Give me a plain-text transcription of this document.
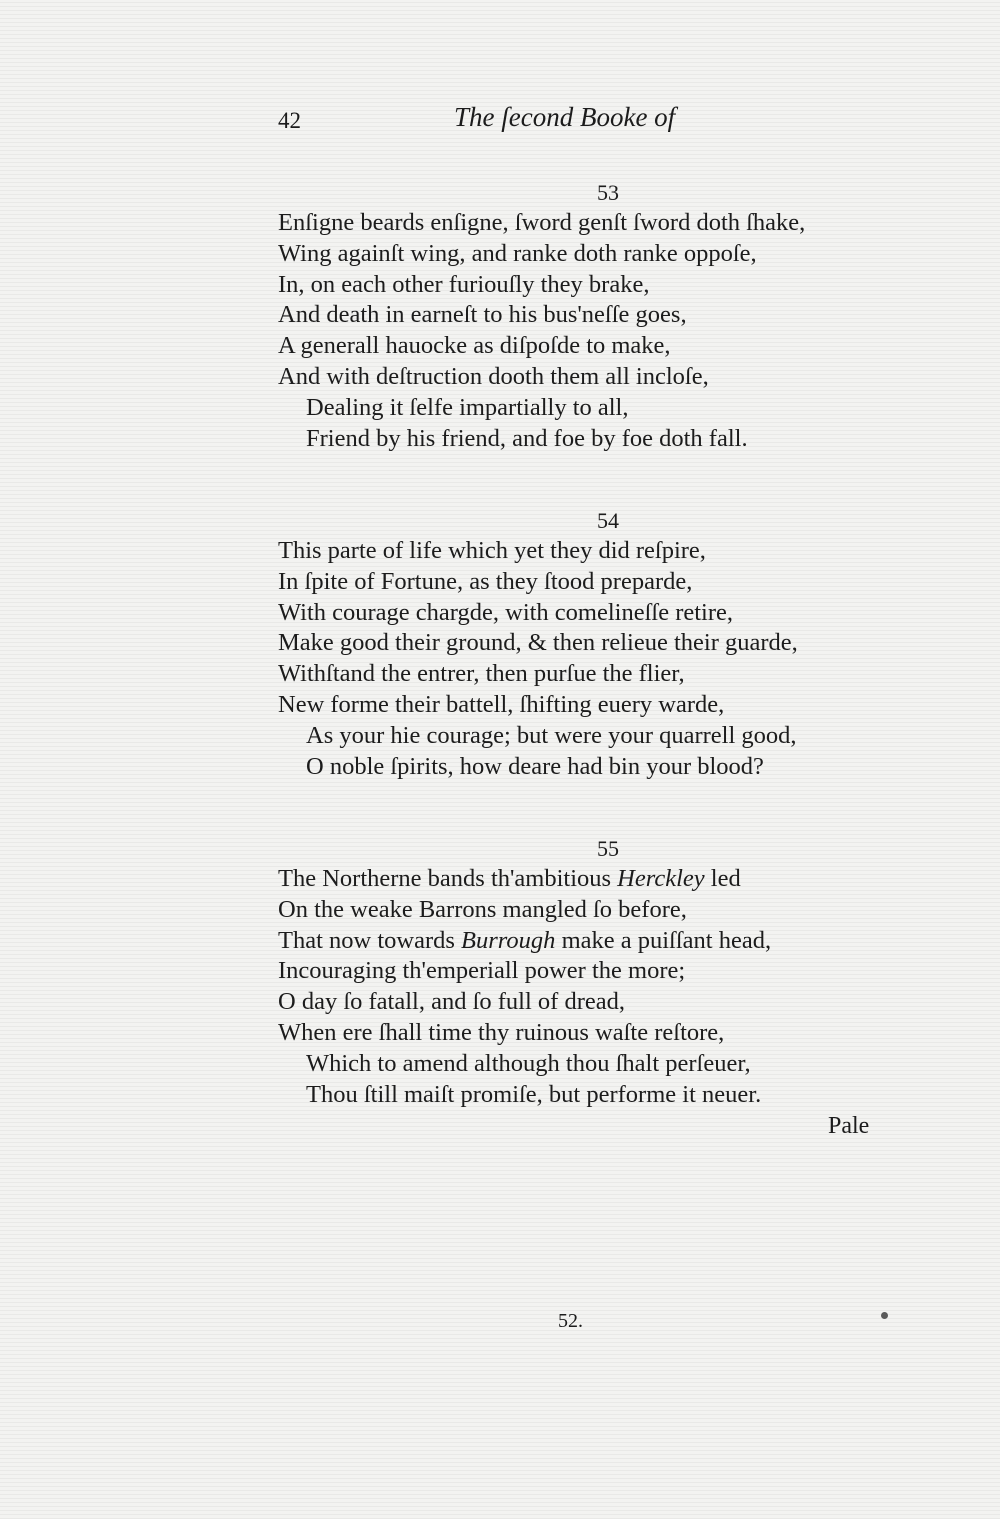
42	The ſecond Booke of
53
Enſigne beards enſigne, ſword genſt ſword doth ſhake,
Wing againſt wing, and ranke doth ranke oppoſe,
In, on each other furiouſly they brake,
And death in earneſt to his bus'neſſe goes,
A generall hauocke as diſpoſde to make,
And with deſtruction dooth them all incloſe,
Dealing it ſelfe impartially to all,
Friend by his friend, and foe by foe doth fall.
54
This parte of life which yet they did reſpire,
In ſpite of Fortune, as they ſtood preparde,
With courage chargde, with comelineſſe retire,
Make good their ground, & then relieue their guarde,
Withſtand the entrer, then purſue the flier,
New forme their battell, ſhifting euery warde,
As your hie courage; but were your quarrell good,
O noble ſpirits, how deare had bin your blood?
55
The Northerne bands th'ambitious Herckley led
On the weake Barrons mangled ſo before,
That now towards Burrough make a puiſſant head,
Incouraging th'emperiall power the more;
O day ſo fatall, and ſo full of dread,
When ere ſhall time thy ruinous waſte reſtore,
Which to amend although thou ſhalt perſeuer,
Thou ſtill maiſt promiſe, but performe it neuer.
Pale
52.
